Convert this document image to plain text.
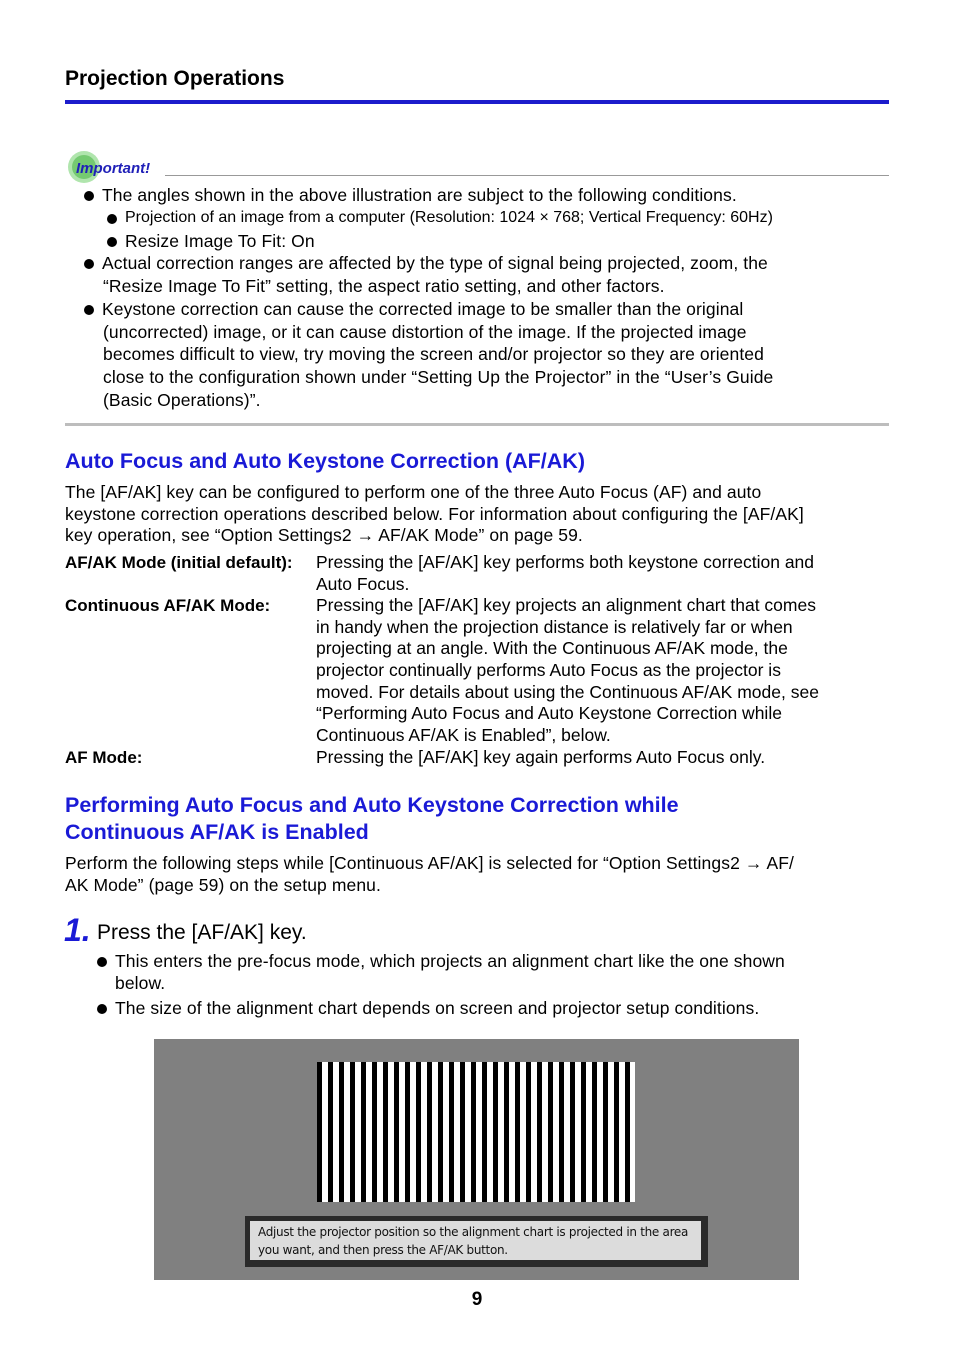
Projection Operations
Important!
The angles shown in the above illustration are subject to the following conditions.
Projection of an image from a computer (Resolution: 1024 × 768; Vertical Frequency: 60Hz)
Resize Image To Fit: On
Actual correction ranges are affected by the type of signal being projected, zoom, the
“Resize Image To Fit” setting, the aspect ratio setting, and other factors.
Keystone correction can cause the corrected image to be smaller than the original
(uncorrected) image, or it can cause distortion of the image. If the projected image
becomes difficult to view, try moving the screen and/or projector so they are oriented
close to the configuration shown under “Setting Up the Projector” in the “User’s Guide
(Basic Operations)”.
Auto Focus and Auto Keystone Correction (AF/AK)
The [AF/AK] key can be configured to perform one of the three Auto Focus (AF) and auto
keystone correction operations described below. For information about configuring the [AF/AK]
key operation, see “Option Settings2 → AF/AK Mode” on page 59.
AF/AK Mode (initial default): Pressing the [AF/AK] key performs both keystone correction and
Auto Focus.
Continuous AF/AK Mode:	Pressing the [AF/AK] key projects an alignment chart that comes
in handy when the projection distance is relatively far or when
projecting at an angle. With the Continuous AF/AK mode, the
projector continually performs Auto Focus as the projector is
moved. For details about using the Continuous AF/AK mode, see
“Performing Auto Focus and Auto Keystone Correction while
Continuous AF/AK is Enabled”, below.
AF Mode:	Pressing the [AF/AK] key again performs Auto Focus only.
Performing Auto Focus and Auto Keystone Correction while
Continuous AF/AK is Enabled
Perform the following steps while [Continuous AF/AK] is selected for “Option Settings2 → AF/
AK Mode” (page 59) on the setup menu.
1. Press the [AF/AK] key.
This enters the pre-focus mode, which projects an alignment chart like the one shown
below.
The size of the alignment chart depends on screen and projector setup conditions.
Adjust the projector position so the alignment chart is projected in the area
you want, and then press the AF/AK button.
9
